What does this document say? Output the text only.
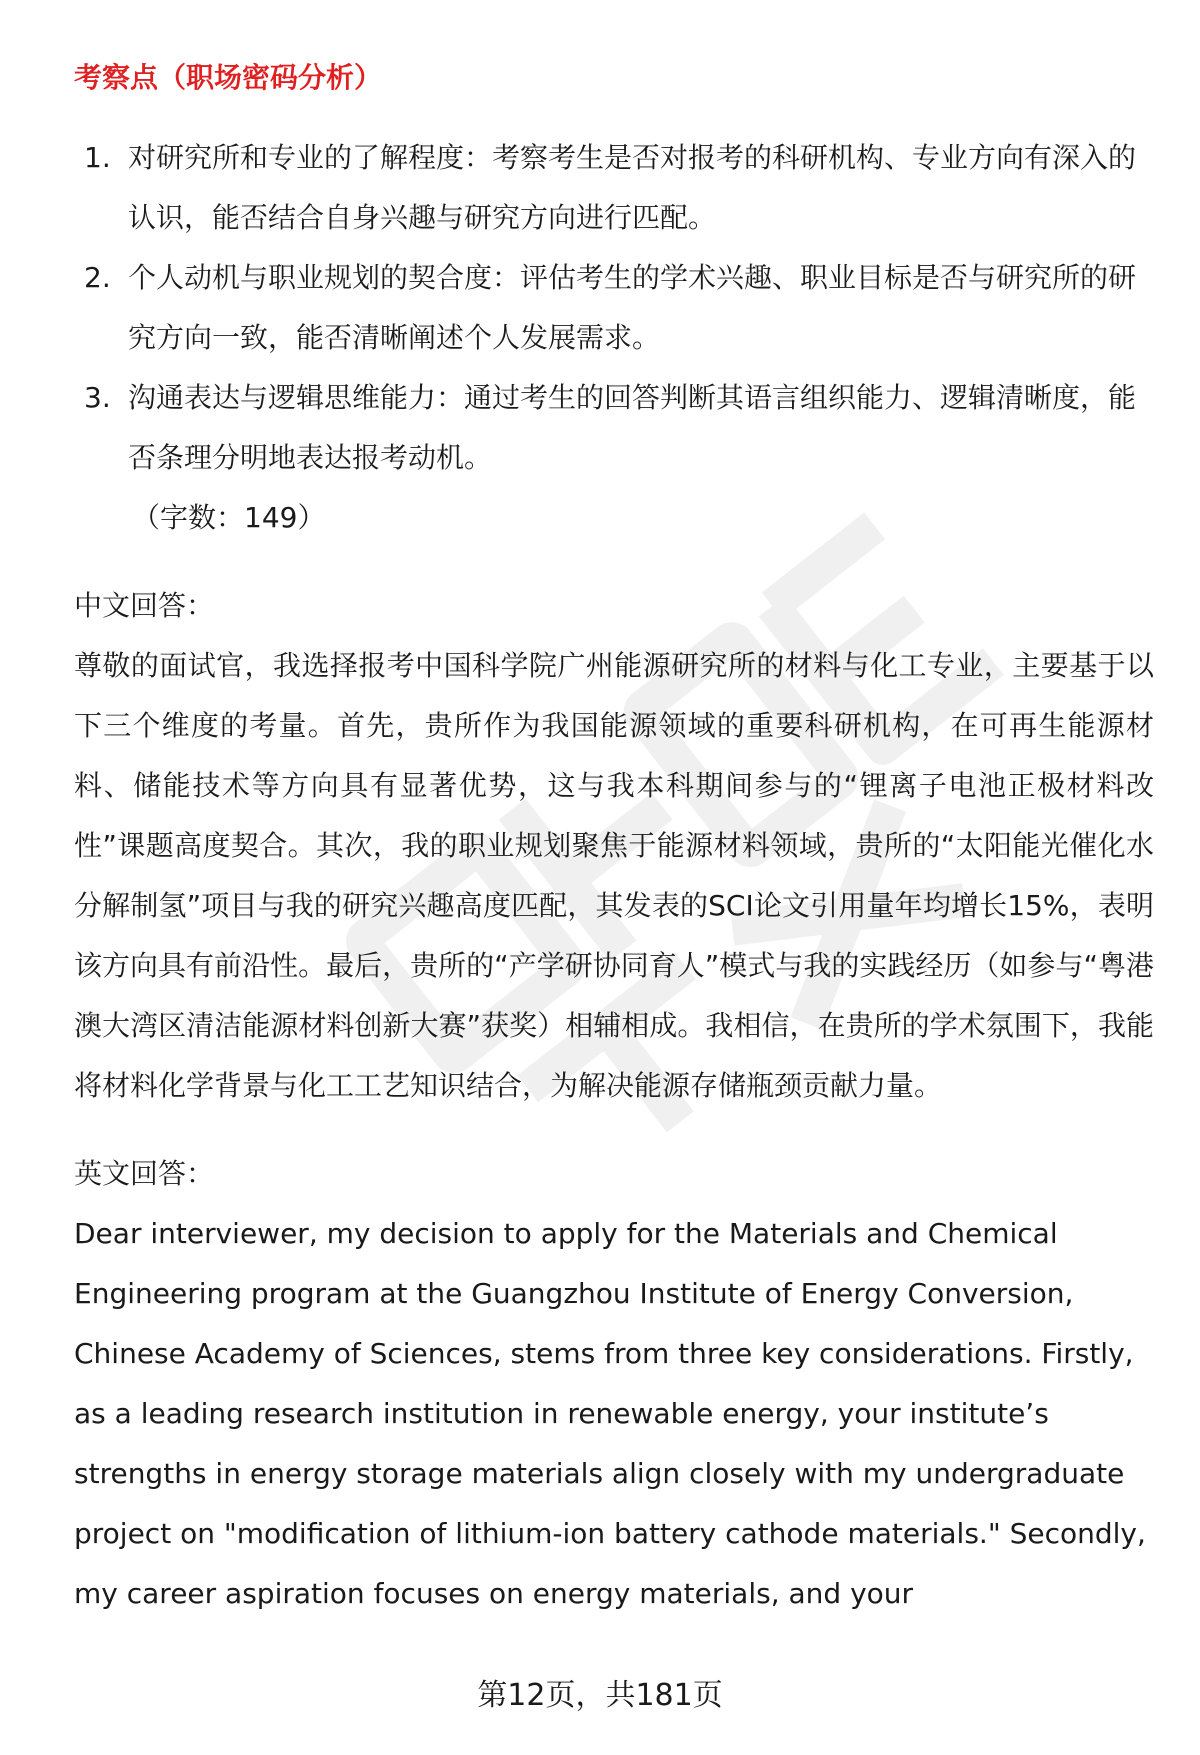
考察点（职场密码分析）
1. 对研究所和专业的了解程度：考察考生是否对报考的科研机构、专业方向有深入的认识，能否结合自身兴趣与研究方向进行匹配。
2. 个人动机与职业规划的契合度：评估考生的学术兴趣、职业目标是否与研究所的研究方向一致，能否清晰阐述个人发展需求。
3. 沟通表达与逻辑思维能力：通过考生的回答判断其语言组织能力、逻辑清晰度，能否条理分明地表达报考动机。
（字数：149）
中文回答：

尊敬的面试官，我选择报考中国科学院广州能源研究所的材料与化工专业，主要基于以下三个维度的考量。首先，贵所作为我国能源领域的重要科研机构，在可再生能源材料、储能技术等方向具有显著优势，这与我本科期间参与的“锂离子电池正极材料改性”课题高度契合。其次，我的职业规划聚焦于能源材料领域，贵所的“太阳能光催化水分解制氢”项目与我的研究兴趣高度匹配，其发表的SCI论文引用量年均增长15%，表明该方向具有前沿性。最后，贵所的“产学研协同育人”模式与我的实践经历（如参与“粤港澳大湾区清洁能源材料创新大赛”获奖）相辅相成。我相信，在贵所的学术氛围下，我能将材料化学背景与化工工艺知识结合，为解决能源存储瓶颈贡献力量。

英文回答：

Dear interviewer, my decision to apply for the Materials and Chemical Engineering program at the Guangzhou Institute of Energy Conversion, Chinese Academy of Sciences, stems from three key considerations. Firstly, as a leading research institution in renewable energy, your institute’s strengths in energy storage materials align closely with my undergraduate project on "modification of lithium-ion battery cathode materials." Secondly, my career aspiration focuses on energy materials, and your

第12页，共181页
